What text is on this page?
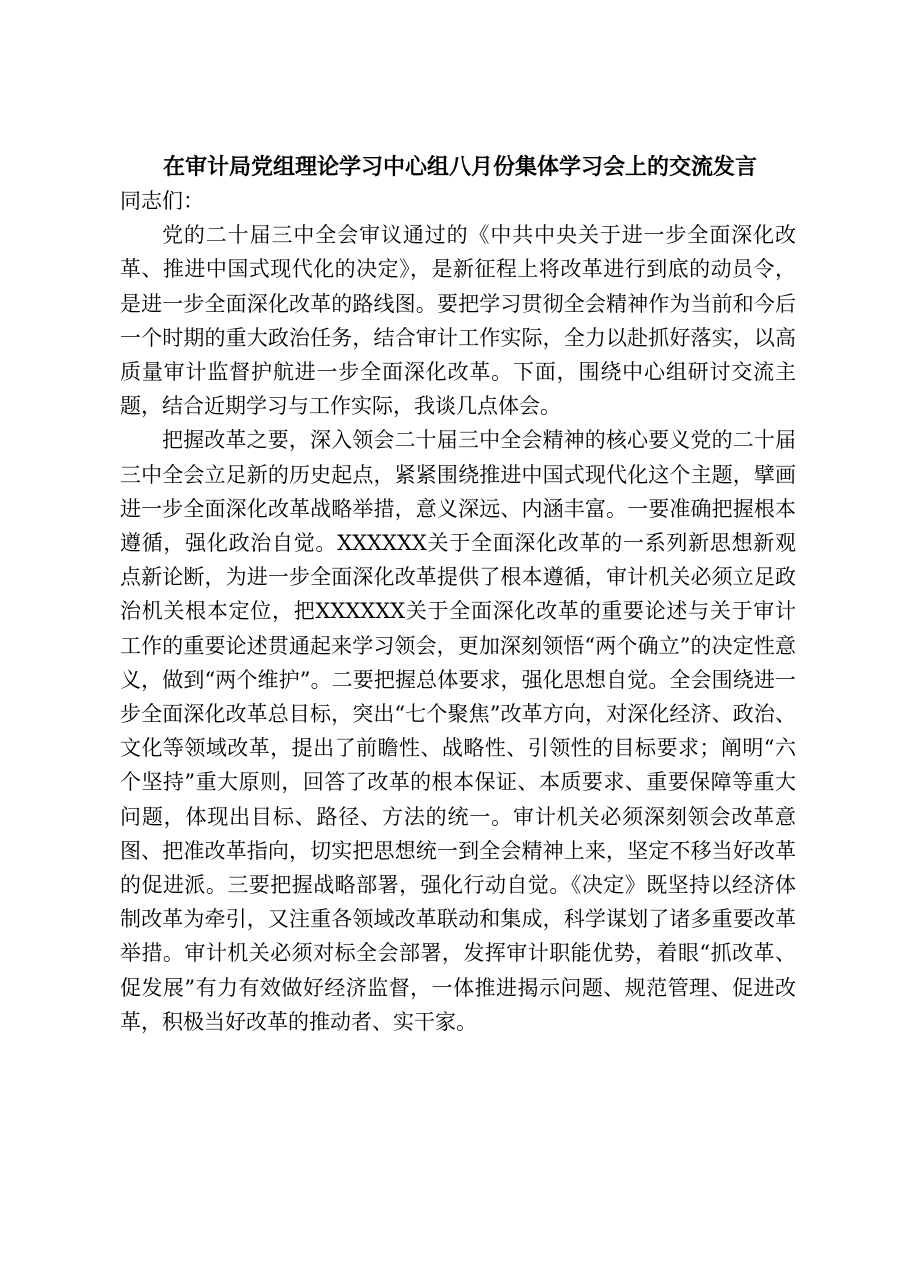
在审计局党组理论学习中心组八月份集体学习会上的交流发言

同志们：

党的二十届三中全会审议通过的《中共中央关于进一步全面深化改革、推进中国式现代化的决定》，是新征程上将改革进行到底的动员令，是进一步全面深化改革的路线图。要把学习贯彻全会精神作为当前和今后一个时期的重大政治任务，结合审计工作实际，全力以赴抓好落实，以高质量审计监督护航进一步全面深化改革。下面，围绕中心组研讨交流主题，结合近期学习与工作实际，我谈几点体会。

把握改革之要，深入领会二十届三中全会精神的核心要义党的二十届三中全会立足新的历史起点，紧紧围绕推进中国式现代化这个主题，擘画进一步全面深化改革战略举措，意义深远、内涵丰富。一要准确把握根本遵循，强化政治自觉。XXXXXX关于全面深化改革的一系列新思想新观点新论断，为进一步全面深化改革提供了根本遵循，审计机关必须立足政治机关根本定位，把XXXXXX关于全面深化改革的重要论述与关于审计工作的重要论述贯通起来学习领会，更加深刻领悟“两个确立”的决定性意义，做到“两个维护”。二要把握总体要求，强化思想自觉。全会围绕进一步全面深化改革总目标，突出“七个聚焦”改革方向，对深化经济、政治、文化等领域改革，提出了前瞻性、战略性、引领性的目标要求；阐明“六个坚持”重大原则，回答了改革的根本保证、本质要求、重要保障等重大问题，体现出目标、路径、方法的统一。审计机关必须深刻领会改革意图、把准改革指向，切实把思想统一到全会精神上来，坚定不移当好改革的促进派。三要把握战略部署，强化行动自觉。《决定》既坚持以经济体制改革为牵引，又注重各领域改革联动和集成，科学谋划了诸多重要改革举措。审计机关必须对标全会部署，发挥审计职能优势，着眼“抓改革、促发展”有力有效做好经济监督，一体推进揭示问题、规范管理、促进改革，积极当好改革的推动者、实干家。
